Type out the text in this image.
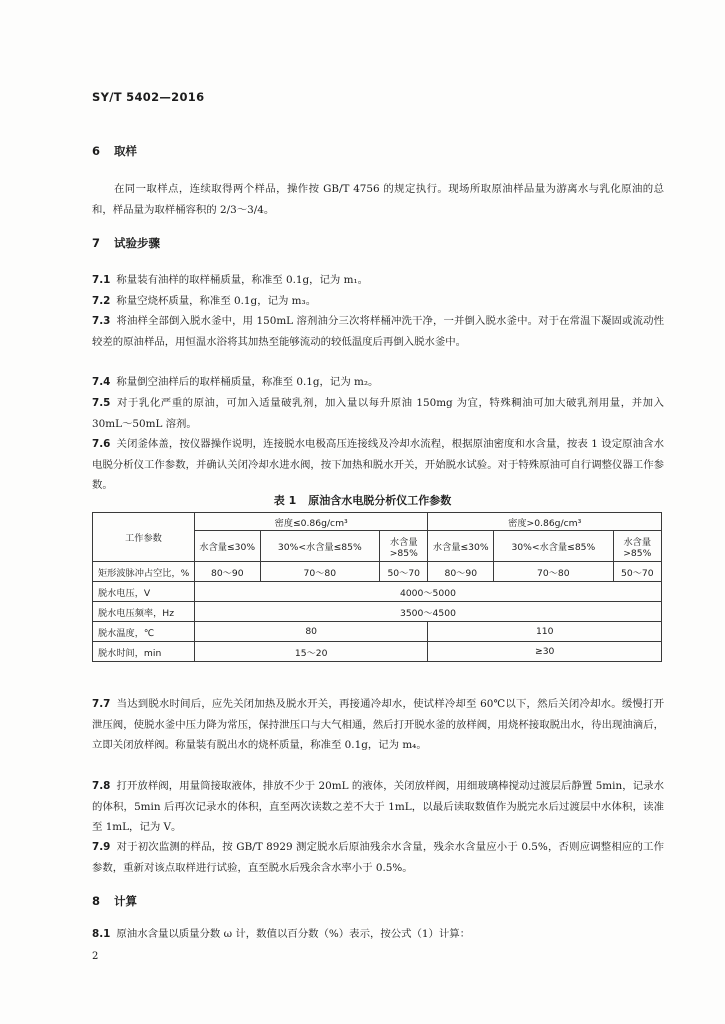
SY/T 5402—2016
6 取样
在同一取样点，连续取得两个样品，操作按 GB/T 4756 的规定执行。现场所取原油样品量为游离水与乳化原油的总和，样品量为取样桶容积的 2/3～3/4。
7 试验步骤
7.1 称量装有油样的取样桶质量，称准至 0.1g，记为 m₁。
7.2 称量空烧杯质量，称准至 0.1g，记为 m₃。
7.3 将油样全部倒入脱水釜中，用 150mL 溶剂油分三次将样桶冲洗干净，一并倒入脱水釜中。对于在常温下凝固或流动性较差的原油样品，用恒温水浴将其加热至能够流动的较低温度后再倒入脱水釜中。
7.4 称量倒空油样后的取样桶质量，称准至 0.1g，记为 m₂。
7.5 对于乳化严重的原油，可加入适量破乳剂，加入量以每升原油 150mg 为宜，特殊稠油可加大破乳剂用量，并加入 30mL～50mL 溶剂。
7.6 关闭釜体盖，按仪器操作说明，连接脱水电极高压连接线及冷却水流程，根据原油密度和水含量，按表 1 设定原油含水电脱分析仪工作参数，并确认关闭冷却水进水阀，按下加热和脱水开关，开始脱水试验。对于特殊原油可自行调整仪器工作参数。
表 1 原油含水电脱分析仪工作参数
工作参数	密度≤0.86g/cm³			密度>0.86g/cm³		
	水含量≤30%	30%<水含量≤85%	水含量>85%	水含量≤30%	30%<水含量≤85%	水含量>85%
矩形波脉冲占空比，%	80～90	70～80	50～70	80～90	70～80	50～70
脱水电压，V	4000～5000					
脱水电压频率，Hz	3500～4500					
脱水温度，℃	80			110		
脱水时间，min	15～20			≥30		
7.7 当达到脱水时间后，应先关闭加热及脱水开关，再接通冷却水，使试样冷却至 60℃以下，然后关闭冷却水。缓慢打开泄压阀，使脱水釜中压力降为常压，保持泄压口与大气相通，然后打开脱水釜的放样阀，用烧杯接取脱出水，待出现油滴后，立即关闭放样阀。称量装有脱出水的烧杯质量，称准至 0.1g，记为 m₄。
7.8 打开放样阀，用量筒接取液体，排放不少于 20mL 的液体，关闭放样阀，用细玻璃棒搅动过渡层后静置 5min，记录水的体积，5min 后再次记录水的体积，直至两次读数之差不大于 1mL，以最后读取数值作为脱完水后过渡层中水体积，读准至 1mL，记为 V。
7.9 对于初次监测的样品，按 GB/T 8929 测定脱水后原油残余水含量，残余水含量应小于 0.5%，否则应调整相应的工作参数，重新对该点取样进行试验，直至脱水后残余含水率小于 0.5%。
8 计算
8.1 原油水含量以质量分数 ω 计，数值以百分数（%）表示，按公式（1）计算：
2
